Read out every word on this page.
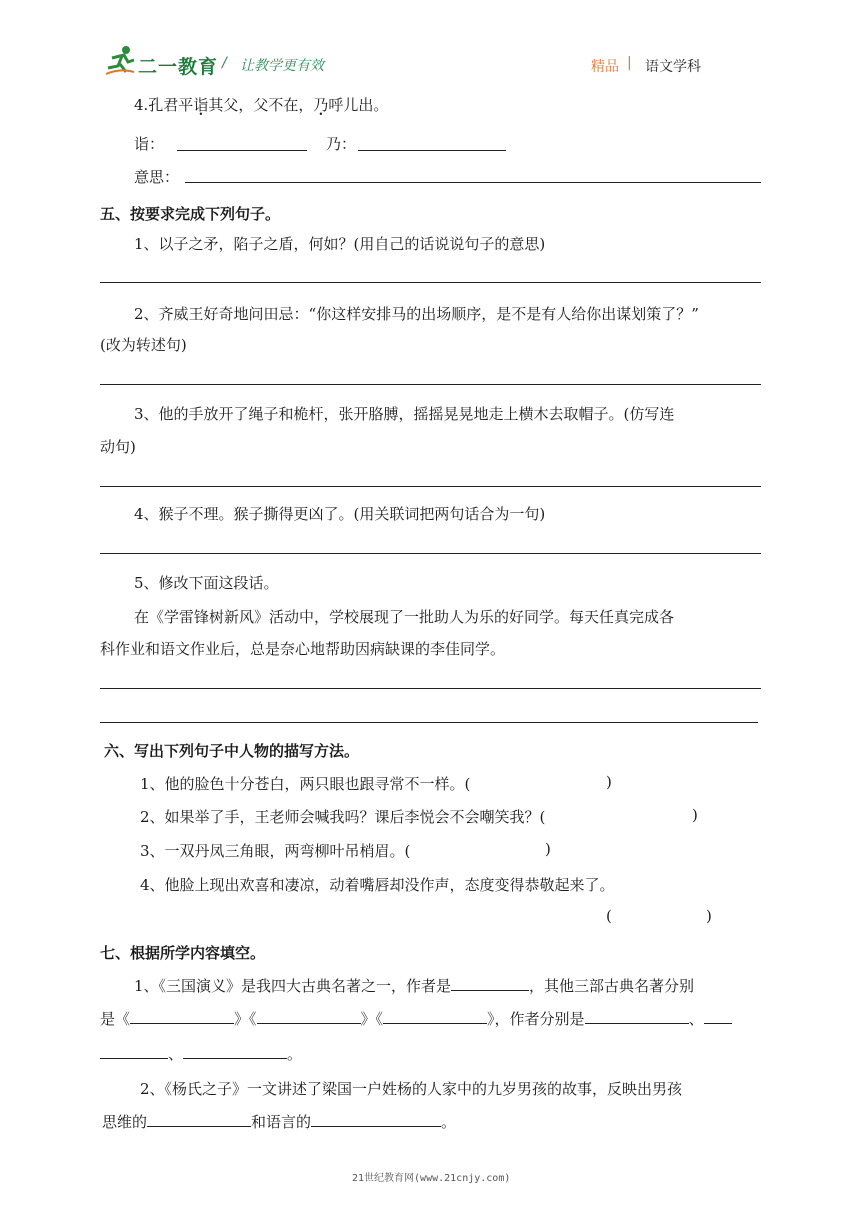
二一教育 / 让教学更有效	精品 | 语文学科
4.孔君平诣其父，父不在，乃呼儿出。
诣：	乃：
意思：
五、按要求完成下列句子。
1、以子之矛，陷子之盾，何如？(用自己的话说说句子的意思)
2、齐威王好奇地问田忌：“你这样安排马的出场顺序，是不是有人给你出谋划策了？”
(改为转述句)
3、他的手放开了绳子和桅杆，张开胳膊，摇摇晃晃地走上横木去取帽子。(仿写连
动句)
4、猴子不理。猴子撕得更凶了。(用关联词把两句话合为一句)
5、修改下面这段话。
在《学雷锋树新风》活动中，学校展现了一批助人为乐的好同学。每天任真完成各
科作业和语文作业后，总是奈心地帮助因病缺课的李佳同学。
六、写出下列句子中人物的描写方法。
1、他的脸色十分苍白，两只眼也跟寻常不一样。(	)
2、如果举了手，王老师会喊我吗？课后李悦会不会嘲笑我？(	)
3、一双丹凤三角眼，两弯柳叶吊梢眉。(	)
4、他脸上现出欢喜和凄凉，动着嘴唇却没作声，态度变得恭敬起来了。
(	)
七、根据所学内容填空。
1、《三国演义》是我四大古典名著之一，作者是	，其他三部古典名著分别
是《	》《	》《	》，作者分别是	、
、	。
2、《杨氏之子》一文讲述了梁国一户姓杨的人家中的九岁男孩的故事，反映出男孩
思维的	和语言的	。
21世纪教育网(www.21cnjy.com)
